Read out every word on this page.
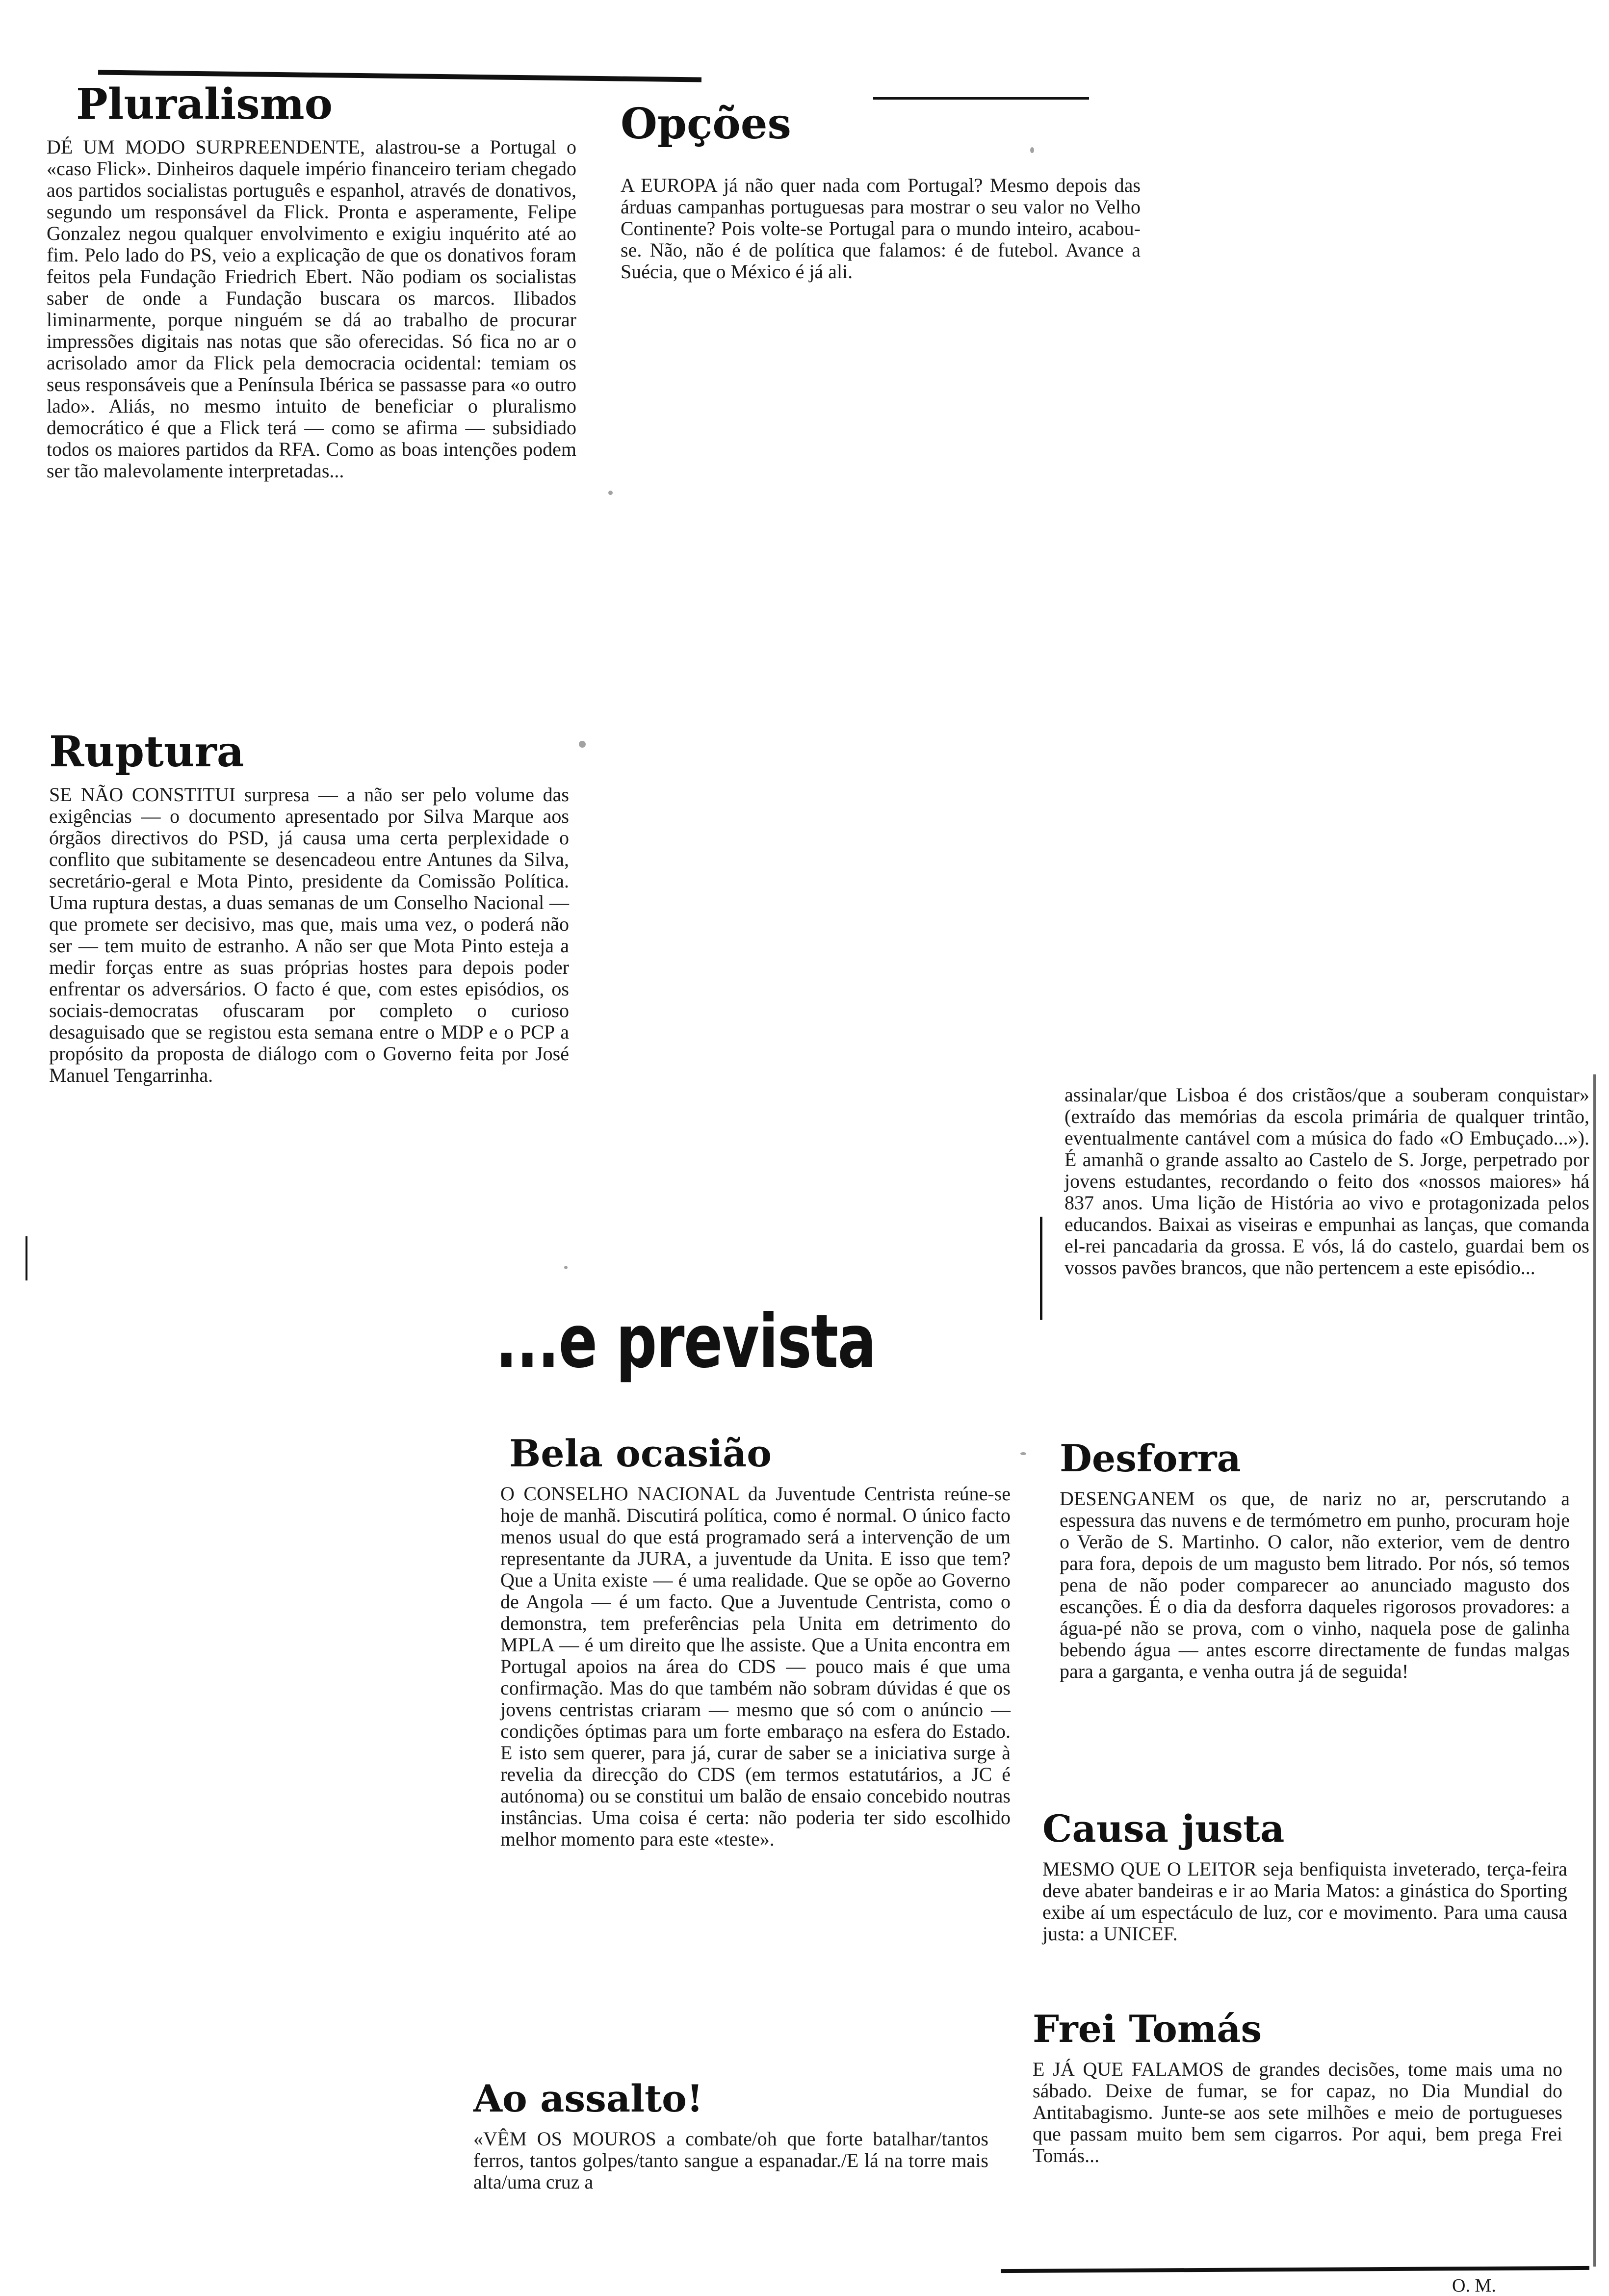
Pluralismo

DÉ UM MODO SURPREENDENTE, alastrou-se a Portugal o «caso Flick». Dinheiros daquele império financeiro teriam chegado aos partidos socialistas português e espanhol, através de donativos, segundo um responsável da Flick. Pronta e asperamente, Felipe Gonzalez negou qualquer envolvimento e exigiu inquérito até ao fim. Pelo lado do PS, veio a explicação de que os donativos foram feitos pela Fundação Friedrich Ebert. Não podiam os socialistas saber de onde a Fundação buscara os marcos. Ilibados liminarmente, porque ninguém se dá ao trabalho de procurar impressões digitais nas notas que são oferecidas. Só fica no ar o acrisolado amor da Flick pela democracia ocidental: temiam os seus responsáveis que a Península Ibérica se passasse para «o outro lado». Aliás, no mesmo intuito de beneficiar o pluralismo democrático é que a Flick terá — como se afirma — subsidiado todos os maiores partidos da RFA. Como as boas intenções podem ser tão malevolamente interpretadas...

Opções

A EUROPA já não quer nada com Portugal? Mesmo depois das árduas campanhas portuguesas para mostrar o seu valor no Velho Continente? Pois volte-se Portugal para o mundo inteiro, acabou-se. Não, não é de política que falamos: é de futebol. Avance a Suécia, que o México é já ali.

Ruptura

SE NÃO CONSTITUI surpresa — a não ser pelo volume das exigências — o documento apresentado por Silva Marque aos órgãos directivos do PSD, já causa uma certa perplexidade o conflito que subitamente se desencadeou entre Antunes da Silva, secretário-geral e Mota Pinto, presidente da Comissão Política. Uma ruptura destas, a duas semanas de um Conselho Nacional — que promete ser decisivo, mas que, mais uma vez, o poderá não ser — tem muito de estranho. A não ser que Mota Pinto esteja a medir forças entre as suas próprias hostes para depois poder enfrentar os adversários. O facto é que, com estes episódios, os sociais-democratas ofuscaram por completo o curioso desaguisado que se registou esta semana entre o MDP e o PCP a propósito da proposta de diálogo com o Governo feita por José Manuel Tengarrinha.

assinalar/que Lisboa é dos cristãos/que a souberam conquistar» (extraído das memórias da escola primária de qualquer trintão, eventualmente cantável com a música do fado «O Embuçado...»). É amanhã o grande assalto ao Castelo de S. Jorge, perpetrado por jovens estudantes, recordando o feito dos «nossos maiores» há 837 anos. Uma lição de História ao vivo e protagonizada pelos educandos. Baixai as viseiras e empunhai as lanças, que comanda el-rei pancadaria da grossa. E vós, lá do castelo, guardai bem os vossos pavões brancos, que não pertencem a este episódio...

...e prevista
Bela ocasião

O CONSELHO NACIONAL da Juventude Centrista reúne-se hoje de manhã. Discutirá política, como é normal. O único facto menos usual do que está programado será a intervenção de um representante da JURA, a juventude da Unita. E isso que tem? Que a Unita existe — é uma realidade. Que se opõe ao Governo de Angola — é um facto. Que a Juventude Centrista, como o demonstra, tem preferências pela Unita em detrimento do MPLA — é um direito que lhe assiste. Que a Unita encontra em Portugal apoios na área do CDS — pouco mais é que uma confirmação. Mas do que também não sobram dúvidas é que os jovens centristas criaram — mesmo que só com o anúncio — condições óptimas para um forte embaraço na esfera do Estado. E isto sem querer, para já, curar de saber se a iniciativa surge à revelia da direcção do CDS (em termos estatutários, a JC é autónoma) ou se constitui um balão de ensaio concebido noutras instâncias. Uma coisa é certa: não poderia ter sido escolhido melhor momento para este «teste».

Ao assalto!

«VÊM OS MOUROS a combate/oh que forte batalhar/tantos ferros, tantos golpes/tanto sangue a espanadar./E lá na torre mais alta/uma cruz a

Desforra

DESENGANEM os que, de nariz no ar, perscrutando a espessura das nuvens e de termómetro em punho, procuram hoje o Verão de S. Martinho. O calor, não exterior, vem de dentro para fora, depois de um magusto bem litrado. Por nós, só temos pena de não poder comparecer ao anunciado magusto dos escanções. É o dia da desforra daqueles rigorosos provadores: a água-pé não se prova, com o vinho, naquela pose de galinha bebendo água — antes escorre directamente de fundas malgas para a garganta, e venha outra já de seguida!

Causa justa

MESMO QUE O LEITOR seja benfiquista inveterado, terça-feira deve abater bandeiras e ir ao Maria Matos: a ginástica do Sporting exibe aí um espectáculo de luz, cor e movimento. Para uma causa justa: a UNICEF.

Frei Tomás

E JÁ QUE FALAMOS de grandes decisões, tome mais uma no sábado. Deixe de fumar, se for capaz, no Dia Mundial do Antitabagismo. Junte-se aos sete milhões e meio de portugueses que passam muito bem sem cigarros. Por aqui, bem prega Frei Tomás...

O. M.
